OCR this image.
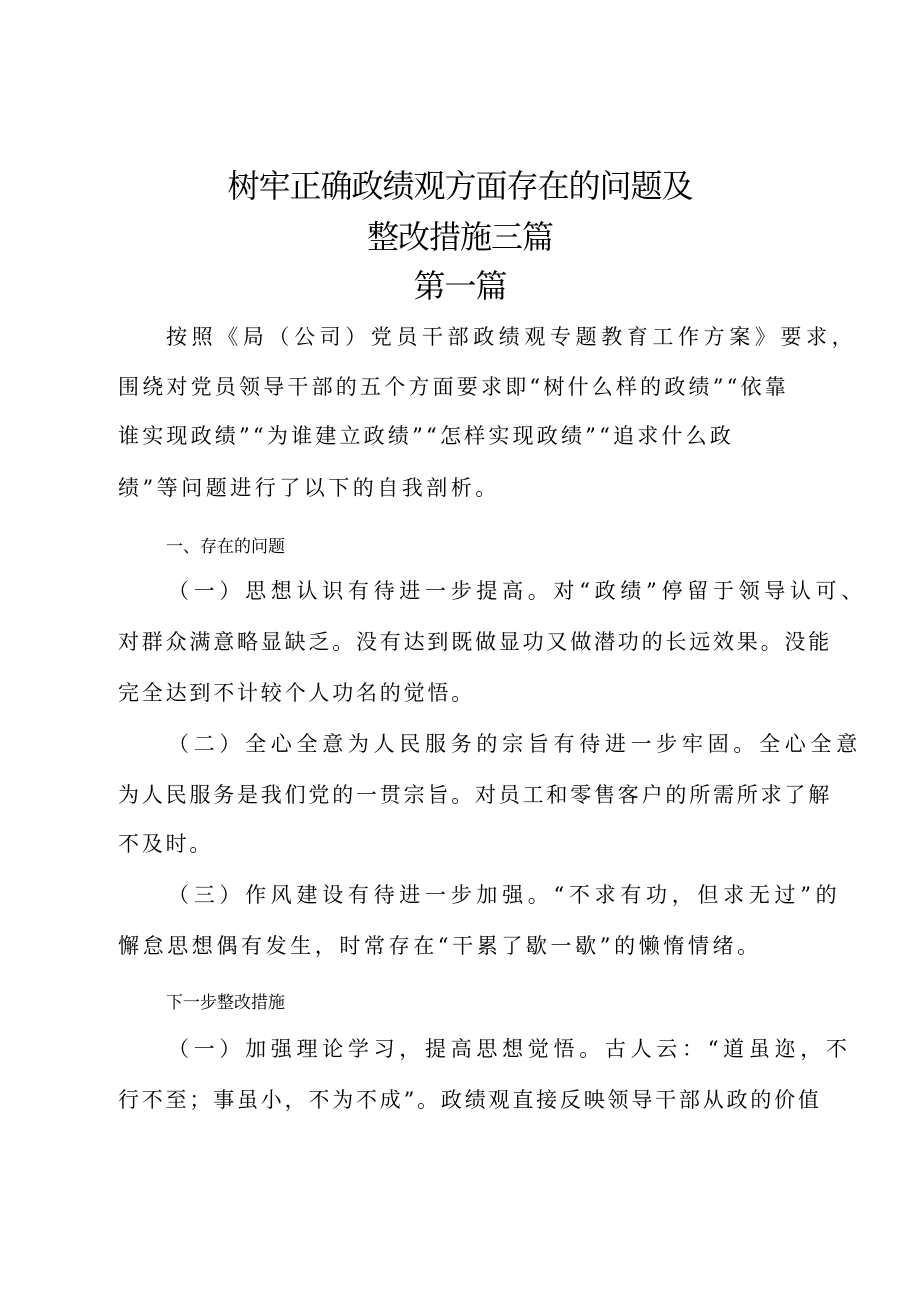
树牢正确政绩观方面存在的问题及
整改措施三篇
第一篇
按照《局（公司）党员干部政绩观专题教育工作方案》要求，
围绕对党员领导干部的五个方面要求即“树什么样的政绩”“依靠
谁实现政绩”“为谁建立政绩”“怎样实现政绩”“追求什么政
绩”等问题进行了以下的自我剖析。
一、存在的问题
（一）思想认识有待进一步提高。对“政绩”停留于领导认可、
对群众满意略显缺乏。没有达到既做显功又做潜功的长远效果。没能
完全达到不计较个人功名的觉悟。
（二）全心全意为人民服务的宗旨有待进一步牢固。全心全意
为人民服务是我们党的一贯宗旨。对员工和零售客户的所需所求了解
不及时。
（三）作风建设有待进一步加强。“不求有功，但求无过”的
懈怠思想偶有发生，时常存在“干累了歇一歇”的懒惰情绪。
下一步整改措施
（一）加强理论学习，提高思想觉悟。古人云：“道虽迩，不
行不至；事虽小，不为不成”。政绩观直接反映领导干部从政的价值
